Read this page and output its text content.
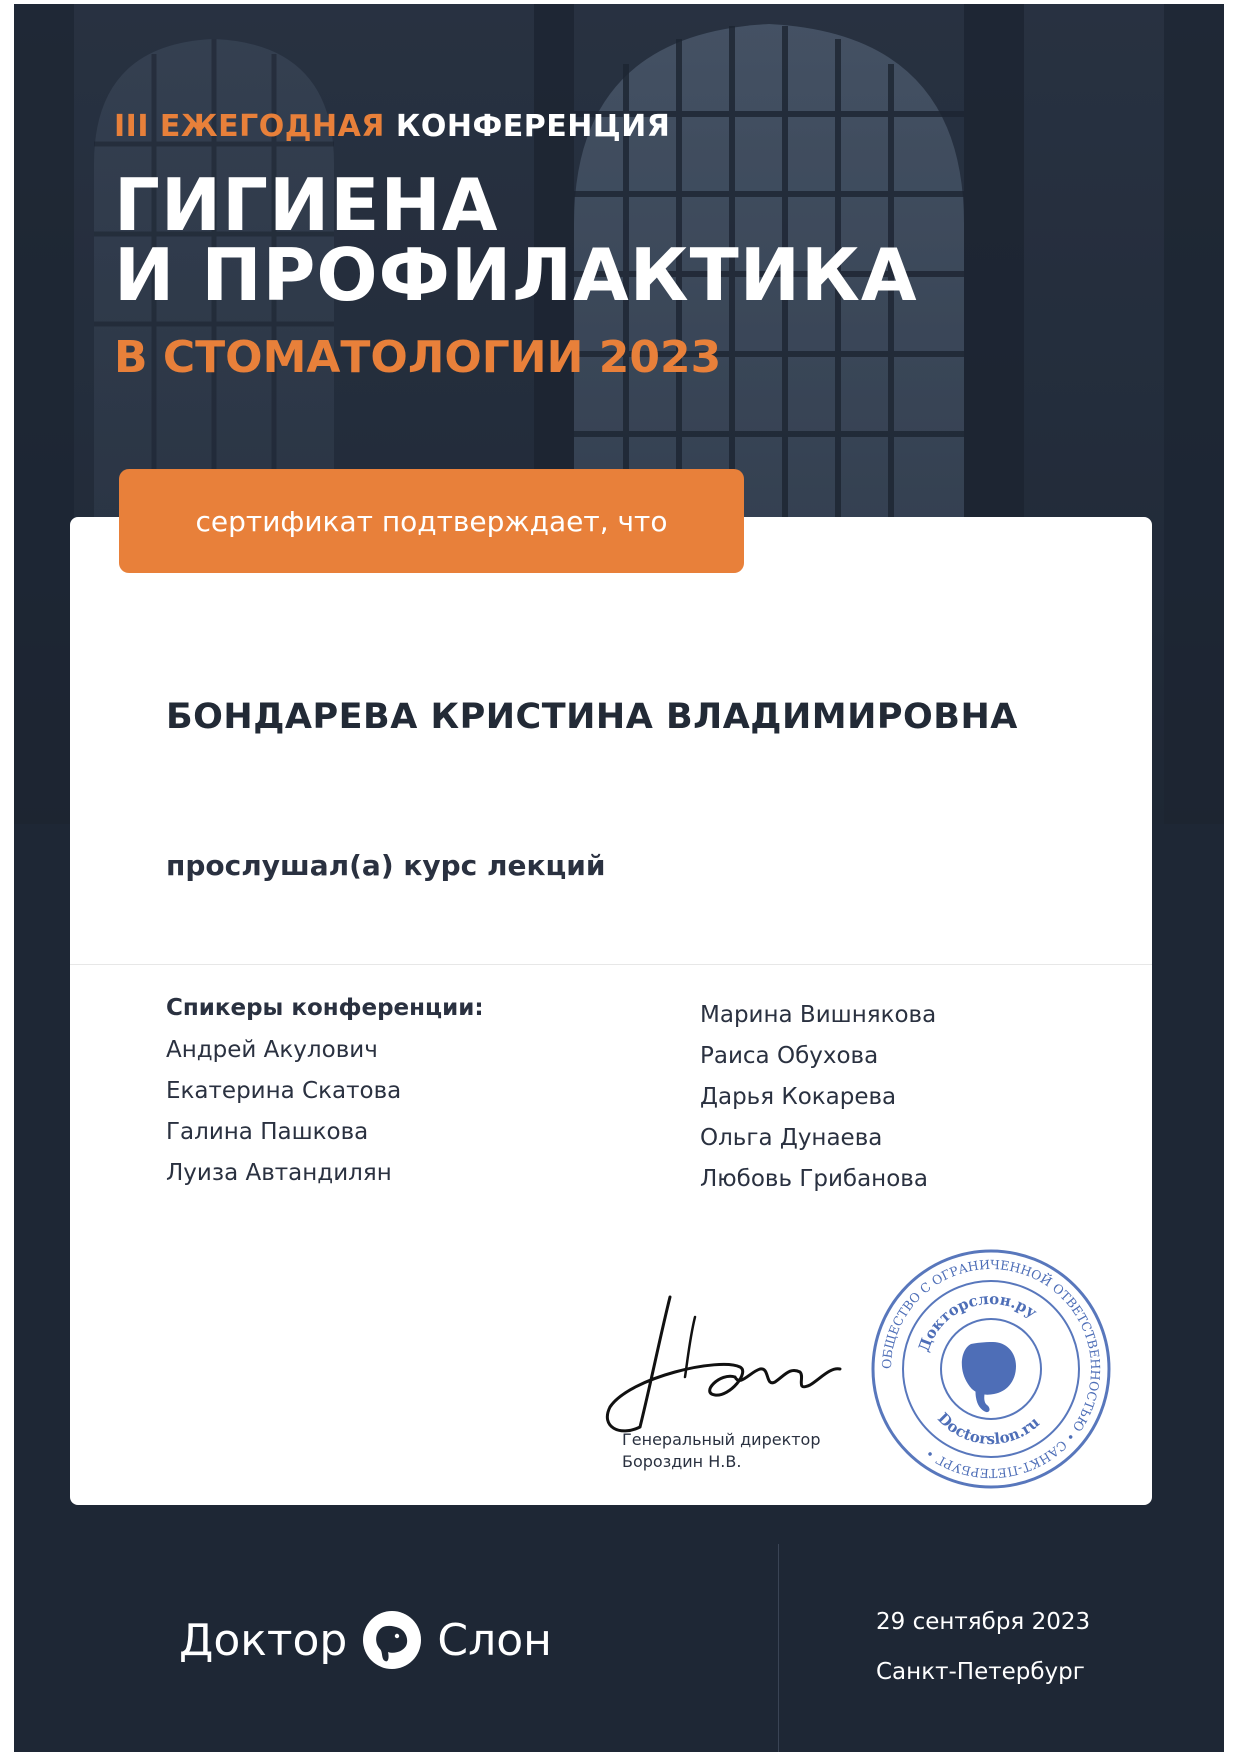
III ЕЖЕГОДНАЯ КОНФЕРЕНЦИЯ

ГИГИЕНА
И ПРОФИЛАКТИКА

В СТОМАТОЛОГИИ 2023

БОНДАРЕВА КРИСТИНА ВЛАДИМИРОВНА
прослушал(а) курс лекций
Спикеры конференции:
Андрей Акулович
Екатерина Скатова
Галина Пашкова
Луиза Автандилян
Марина Вишнякова
Раиса Обухова
Дарья Кокарева
Ольга Дунаева
Любовь Грибанова
Генеральный директор
Бороздин Н.В.
ОБЩЕСТВО С ОГРАНИЧЕННОЙ ОТВЕТСТВЕННОСТЬЮ • САНКТ-ПЕТЕРБУРГ •
Докторслон.ру
Doctorslon.ru
сертификат подтверждает, что
Доктор Слон	29 сентября 2023
Санкт-Петербург
